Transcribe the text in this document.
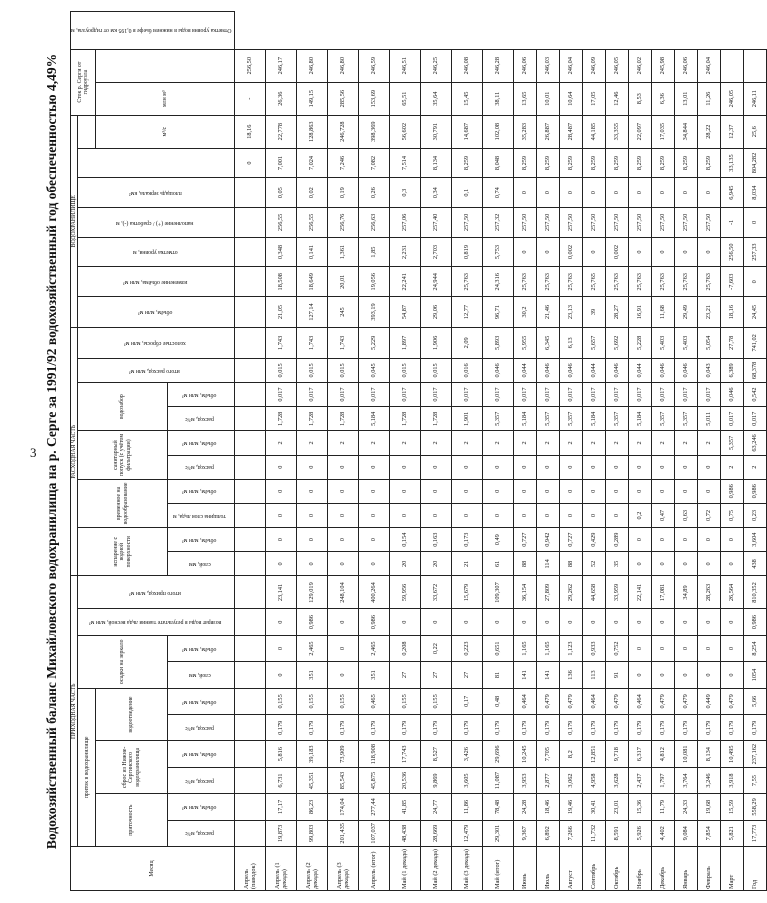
3 Водохозяйственный баланс Михайловского водохранилища на р. Серге за 1991/92 водохозяйственный год обеспеченностью 4,49%
Месяц	ПРИХОДНАЯ ЧАСТЬ										РАСХОДНАЯ ЧАСТЬ										ВОДОХРАНИЛИЩЕ							Сток р. Серги от гидроузла		Отметка уровня воды в нижнем бьефе в 0,195 км от гидроузла, м
	приток в водохранилище						осадки на зеркало		возврат воды в результате таяния льда весной, млн м³	итого приход, млн м³	испарение с водной поверхности		временное на водообразование		санитарный попуск (с учётом фильтрации)		водозабор		итого расход, млн м³	холостые сбросы, млн м³	объём, млн м³	изменение объёма, млн м³	отметка уровня, м	наполнение (+) / сработка (-), м	площадь зеркала, км²					
	приточность		сброс из Нижне-Сергинского водохранилища		водоотведение																						м³/с	млн м³		
	расход, м³/с	объём, млн м³	расход, м³/с	объём, млн м³	расход, м³/с	объём, млн м³	слой, мм	объём, млн м³			слой, мм	объём, млн м³	толщина слоя льда, м	объём, млн м³	расход, м³/с	объём, млн м³	расход, м³/с	объём, млн м³												
Апрель (паводок)																										0	18,16	-	256,50	
Апрель (1 декада)	19,873	17,17	6,731	5,816	0,179	0,155	0	0	0	23,141	0	0	0	0	0	2	1,728	0,017	0,015	1,743	21,05	18,508	0,348	256,55	0,05	7,001	22,778	26,36	246,17	
Апрель (2 декада)	99,803	86,23	45,351	39,183	0,179	0,155	351	2,465	0,986	129,019	0	0	0	0	0	2	1,728	0,017	0,015	1,743	127,14	18,649	0,141	256,55	0,02	7,024	128,863	149,15	246,80	
Апрель (3 декада)	201,435	174,04	85,543	73,909	0,179	0,155	0	0	0	248,104	0	0	0	0	0	2	1,728	0,017	0,015	1,743	245	20,01	1,361	256,76	0,19	7,246	246,728	285,56	246,80	
Апрель (итог)	107,037	277,44	45,875	118,908	0,179	0,465	351	2,465	0,986	400,264	0	0	0	0	0	2	5,184	0,017	0,045	5,229	393,19	19,056	1,85	256,63	0,26	7,082	398,369	153,69	246,59	
Май (1 декада)	48,438	41,85	20,536	17,743	0,179	0,155	27	0,208	0	59,956	20	0,154	0	0	0	2	1,728	0,017	0,015	1,897	54,87	22,241	2,231	257,06	0,3	7,514	56,602	65,51	246,51	
Май (2 декада)	28,669	24,77	9,869	8,527	0,179	0,155	27	0,22	0	33,672	20	0,163	0	0	0	2	1,728	0,017	0,015	1,906	29,06	24,944	2,703	257,40	0,34	8,134	30,791	35,64	246,25	
Май (3 декада)	12,479	11,86	3,605	3,426	0,179	0,17	27	0,223	0	15,679	21	0,173	0	0	0	2	1,901	0,017	0,016	2,09	12,77	25,763	0,819	257,50	0,1	8,259	14,687	15,45	246,08	
Май (итог)	29,301	78,48	11,087	29,696	0,179	0,48	81	0,651	0	109,307	61	0,49	0	0	0	2	5,357	0,017	0,046	5,893	96,71	24,316	5,753	257,32	0,74	8,048	102,08	38,11	246,28	
Июнь	9,367	24,28	3,953	10,245	0,179	0,464	141	1,165	0	36,154	88	0,727	0	0	0	2	5,184	0,017	0,044	5,955	30,2	25,763	0	257,50	0	8,259	35,283	13,65	246,06	
Июль	6,892	18,46	2,877	7,705	0,179	0,479	141	1,165	0	27,809	114	0,942	0	0	0	2	5,357	0,017	0,046	6,345	21,46	25,763	0	257,50	0	8,259	26,887	10,01	246,03	
Август	7,266	19,46	3,062	8,2	0,179	0,479	136	1,123	0	29,262	88	0,727	0	0	0	2	5,357	0,017	0,046	6,13	23,13	25,763	0,002	257,50	0	8,259	28,487	10,64	246,04	
Сентябрь	11,732	30,41	4,958	12,851	0,179	0,464	113	0,933	0	44,658	52	0,429	0	0	0	2	5,184	0,017	0,044	5,657	39	25,765	0	257,50	0	8,259	44,185	17,05	246,09	
Октябрь	8,591	23,01	3,628	9,718	0,179	0,479	91	0,752	0	33,959	35	0,289	0	0	0	2	5,357	0,017	0,046	5,692	28,27	25,763	0,002	257,50	0	8,259	33,355	12,46	246,05	
Ноябрь	5,926	15,36	2,437	6,317	0,179	0,464	0	0	0	22,141	0	0	0,2	0	0	2	5,184	0,017	0,044	5,228	16,91	25,763	0	257,50	0	8,259	22,097	8,53	246,02	
Декабрь	4,402	11,79	1,797	4,812	0,179	0,479	0	0	0	17,081	0	0	0,47	0	0	2	5,357	0,017	0,046	5,403	11,68	25,763	0	257,50	0	8,259	17,035	6,36	245,98	
Январь	9,084	24,33	3,764	10,081	0,179	0,479	0	0	0	34,89	0	0	0,63	0	0	2	5,357	0,017	0,046	5,403	29,49	25,763	0	257,50	0	8,259	34,844	13,01	246,06	
Февраль	7,854	19,68	3,246	8,134	0,179	0,449	0	0	0	28,263	0	0	0,72	0	0	2	5,011	0,017	0,043	5,054	23,21	25,763	0	257,50	0	8,259	28,22	11,26	246,04	
Март	5,821	15,59	3,918	10,495	0,179	0,479	0	0	0	26,564	0	0	0,75	0,986	2	5,357	0,017	0,046	6,389	27,78	18,16	-7,603	256,50	-1	6,945	33,135	12,37	246,05		
Год	17,773	558,29	7,55	237,162	0,179	5,66	1054	8,254	0,986	810,352	438	3,604	0,23	0,986	2	63,246	0,017	0,542	68,378	741,02	24,45	0	257,33	0	8,034	804,282	25,6	246,11		
